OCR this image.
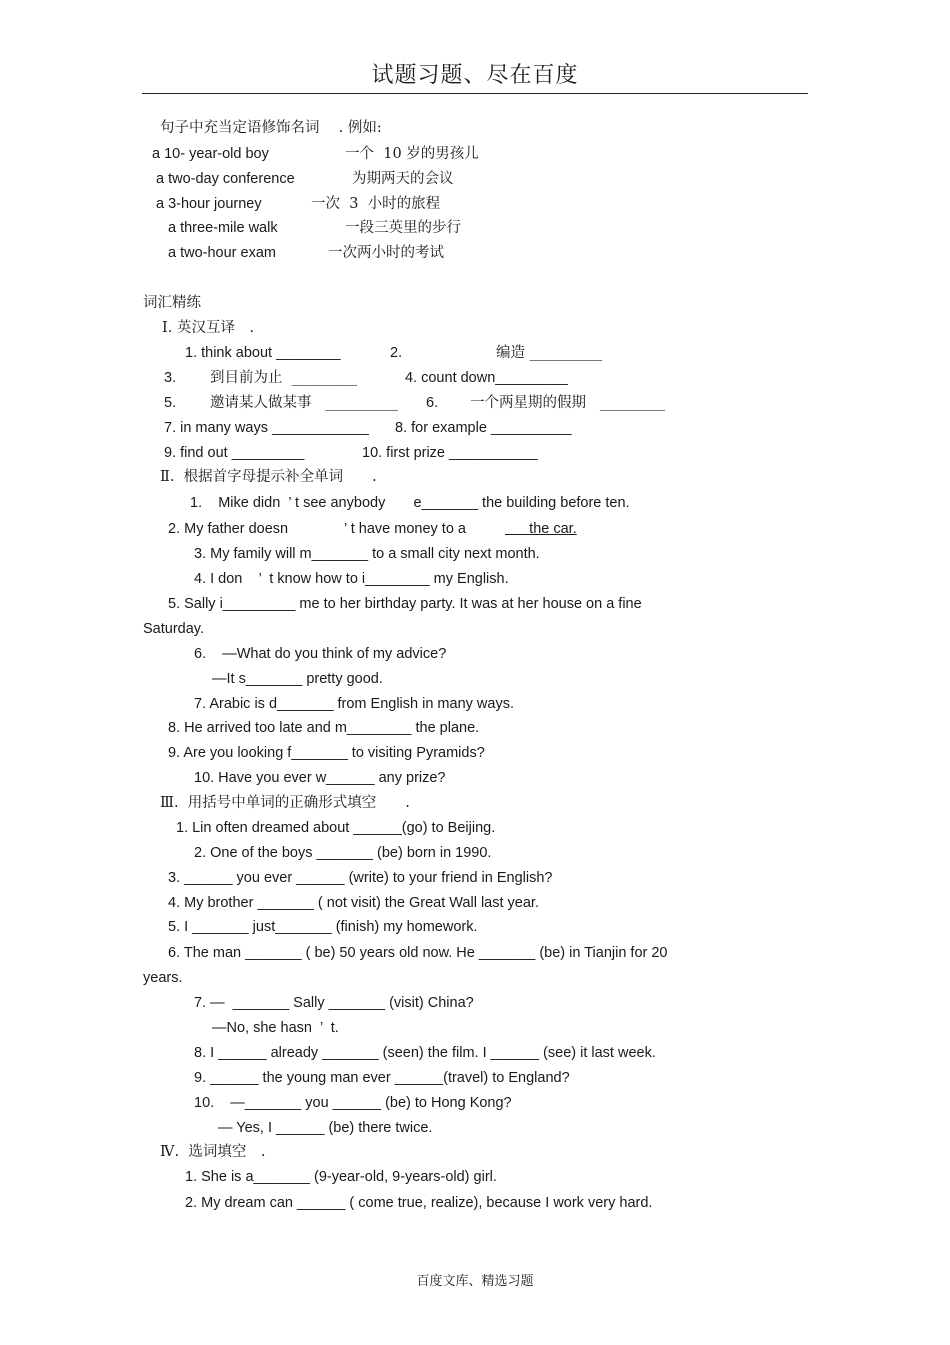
试题习题、尽在百度
句子中充当定语修饰名词　 . 例如:
a 10- year-old boy	一个  10 岁的男孩儿
a two-day conference	为期两天的会议
a 3-hour journey	一次  3  小时的旅程
a three-mile walk	一段三英里的步行
a two-hour exam	一次两小时的考试
词汇精练
Ⅰ. 英汉互译　.
1. think about ________	2.	编造 __________
3. 到目前为止  _________	4. count down_________
5. 邀请某人做某事   __________ 6. 一个两星期的假期   _________
7. in many ways ____________ 8. for example __________
9. find out _________	10. first prize ___________
Ⅱ.  根据首字母提示补全单词　　.
1.    Mike didn  ’ t see anybody       e_______ the building before ten.
2. My father doesn	’ t have money to a	the car.
3. My family will m_______ to a small city next month.
4. I don    ’  t know how to i________ my English.
5. Sally i_________ me to her birthday party. It was at her house on a fine
Saturday.
6.    ―What do you think of my advice?
―It s_______ pretty good.
7. Arabic is d_______ from English in many ways.
8. He arrived too late and m________ the plane.
9. Are you looking f_______ to visiting Pyramids?
10. Have you ever w______ any prize?
Ⅲ.  用括号中单词的正确形式填空　　.
1. Lin often dreamed about ______(go) to Beijing.
2. One of the boys _______ (be) born in 1990.
3. ______ you ever ______ (write) to your friend in English?
4. My brother _______ ( not visit) the Great Wall last year.
5. I _______ just_______ (finish) my homework.
6. The man _______ ( be) 50 years old now. He _______ (be) in Tianjin for 20
years.
7. ―  _______ Sally _______ (visit) China?
―No, she hasn  ’  t.
8. I ______ already _______ (seen) the film. I ______ (see) it last week.
9. ______ the young man ever ______(travel) to England?
10.    ―_______ you ______ (be) to Hong Kong?
― Yes, I ______ (be) there twice.
Ⅳ.  选词填空　.
1. She is a_______ (9-year-old, 9-years-old) girl.
2. My dream can ______ ( come true, realize), because I work very hard.
百度文库、精选习题
